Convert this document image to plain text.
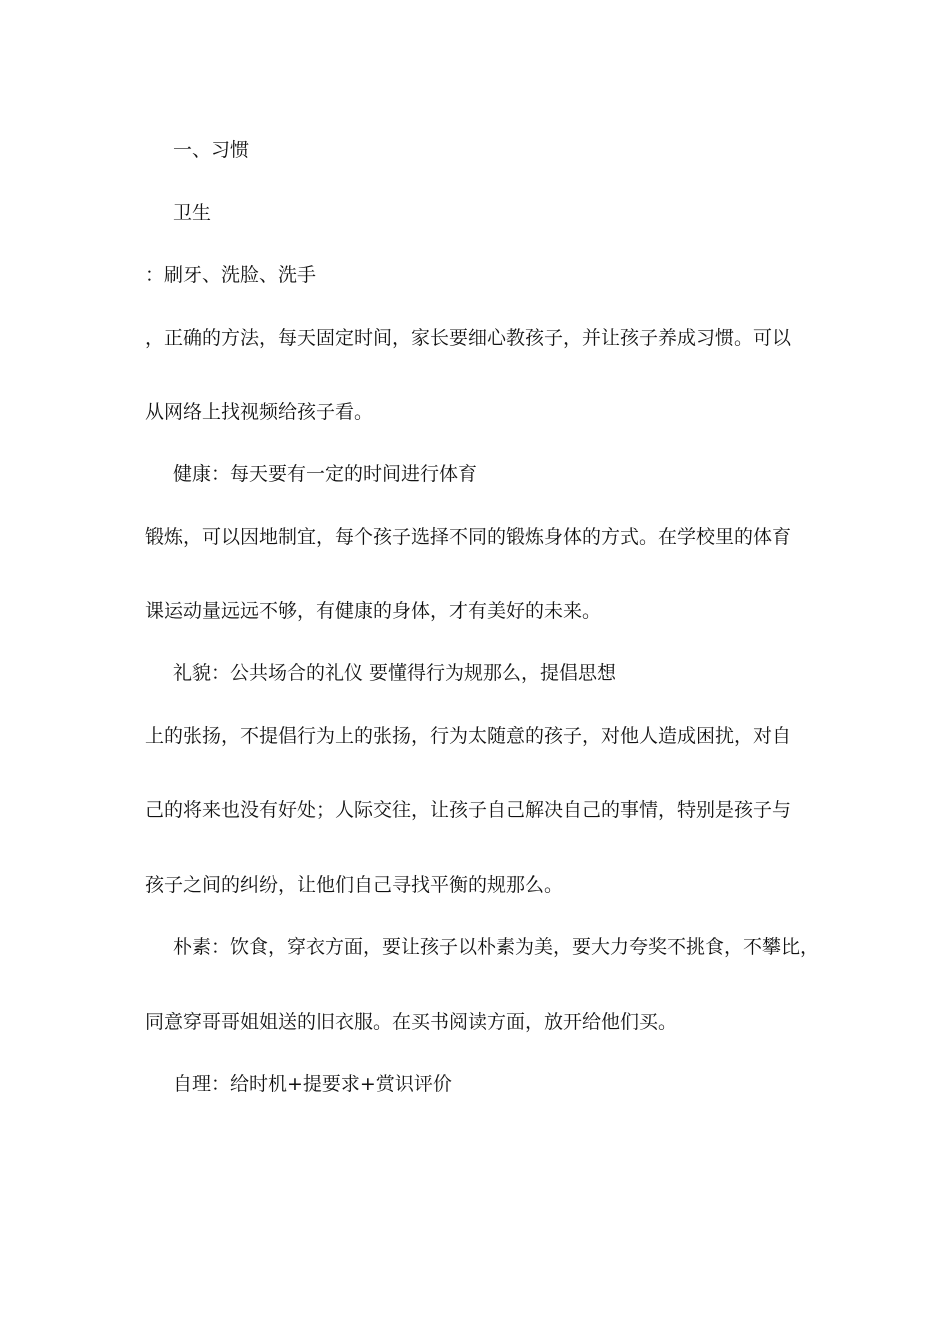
一、习惯
卫生
：刷牙、洗脸、洗手
，正确的方法，每天固定时间，家长要细心教孩子，并让孩子养成习惯。可以
从网络上找视频给孩子看。
健康：每天要有一定的时间进行体育
锻炼，可以因地制宜，每个孩子选择不同的锻炼身体的方式。在学校里的体育
课运动量远远不够，有健康的身体，才有美好的未来。
礼貌：公共场合的礼仪 要懂得行为规那么，提倡思想
上的张扬，不提倡行为上的张扬，行为太随意的孩子，对他人造成困扰，对自
己的将来也没有好处；人际交往，让孩子自己解决自己的事情，特别是孩子与
孩子之间的纠纷，让他们自己寻找平衡的规那么。
朴素：饮食，穿衣方面，要让孩子以朴素为美，要大力夸奖不挑食，不攀比，
同意穿哥哥姐姐送的旧衣服。在买书阅读方面，放开给他们买。
自理：给时机+提要求+赏识评价
